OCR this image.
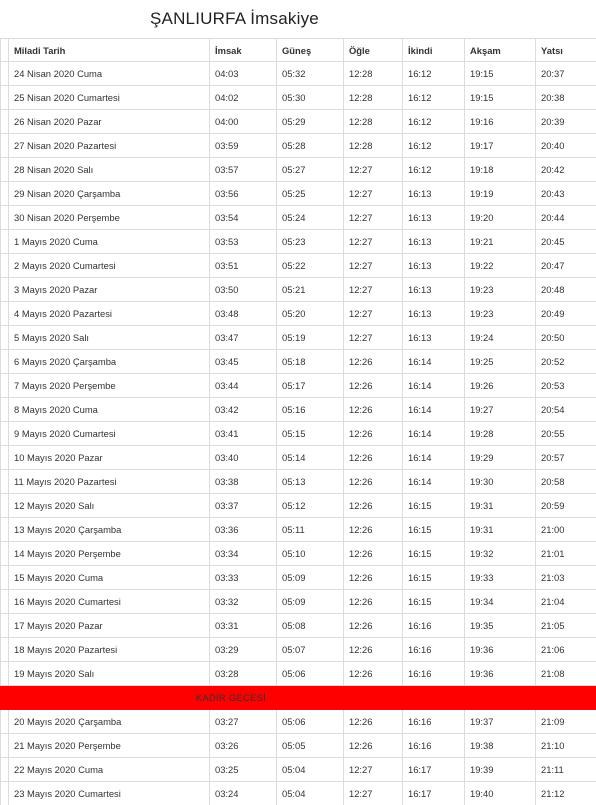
ŞANLIURFA İmsakiye
	Miladi Tarih	İmsak	Güneş	Öğle	İkindi	Akşam	Yatsı
	24 Nisan 2020 Cuma	04:03	05:32	12:28	16:12	19:15	20:37
	25 Nisan 2020 Cumartesi	04:02	05:30	12:28	16:12	19:15	20:38
	26 Nisan 2020 Pazar	04:00	05:29	12:28	16:12	19:16	20:39
	27 Nisan 2020 Pazartesi	03:59	05:28	12:28	16:12	19:17	20:40
	28 Nisan 2020 Salı	03:57	05:27	12:27	16:12	19:18	20:42
	29 Nisan 2020 Çarşamba	03:56	05:25	12:27	16:13	19:19	20:43
	30 Nisan 2020 Perşembe	03:54	05:24	12:27	16:13	19:20	20:44
	1 Mayıs 2020 Cuma	03:53	05:23	12:27	16:13	19:21	20:45
	2 Mayıs 2020 Cumartesi	03:51	05:22	12:27	16:13	19:22	20:47
	3 Mayıs 2020 Pazar	03:50	05:21	12:27	16:13	19:23	20:48
	4 Mayıs 2020 Pazartesi	03:48	05:20	12:27	16:13	19:23	20:49
	5 Mayıs 2020 Salı	03:47	05:19	12:27	16:13	19:24	20:50
	6 Mayıs 2020 Çarşamba	03:45	05:18	12:26	16:14	19:25	20:52
	7 Mayıs 2020 Perşembe	03:44	05:17	12:26	16:14	19:26	20:53
	8 Mayıs 2020 Cuma	03:42	05:16	12:26	16:14	19:27	20:54
	9 Mayıs 2020 Cumartesi	03:41	05:15	12:26	16:14	19:28	20:55
	10 Mayıs 2020 Pazar	03:40	05:14	12:26	16:14	19:29	20:57
	11 Mayıs 2020 Pazartesi	03:38	05:13	12:26	16:14	19:30	20:58
	12 Mayıs 2020 Salı	03:37	05:12	12:26	16:15	19:31	20:59
	13 Mayıs 2020 Çarşamba	03:36	05:11	12:26	16:15	19:31	21:00
	14 Mayıs 2020 Perşembe	03:34	05:10	12:26	16:15	19:32	21:01
	15 Mayıs 2020 Cuma	03:33	05:09	12:26	16:15	19:33	21:03
	16 Mayıs 2020 Cumartesi	03:32	05:09	12:26	16:15	19:34	21:04
	17 Mayıs 2020 Pazar	03:31	05:08	12:26	16:16	19:35	21:05
	18 Mayıs 2020 Pazartesi	03:29	05:07	12:26	16:16	19:36	21:06
	19 Mayıs 2020 Salı	03:28	05:06	12:26	16:16	19:36	21:08
KADİR GECESİ							
	20 Mayıs 2020 Çarşamba	03:27	05:06	12:26	16:16	19:37	21:09
	21 Mayıs 2020 Perşembe	03:26	05:05	12:26	16:16	19:38	21:10
	22 Mayıs 2020 Cuma	03:25	05:04	12:27	16:17	19:39	21:11
	23 Mayıs 2020 Cumartesi	03:24	05:04	12:27	16:17	19:40	21:12
